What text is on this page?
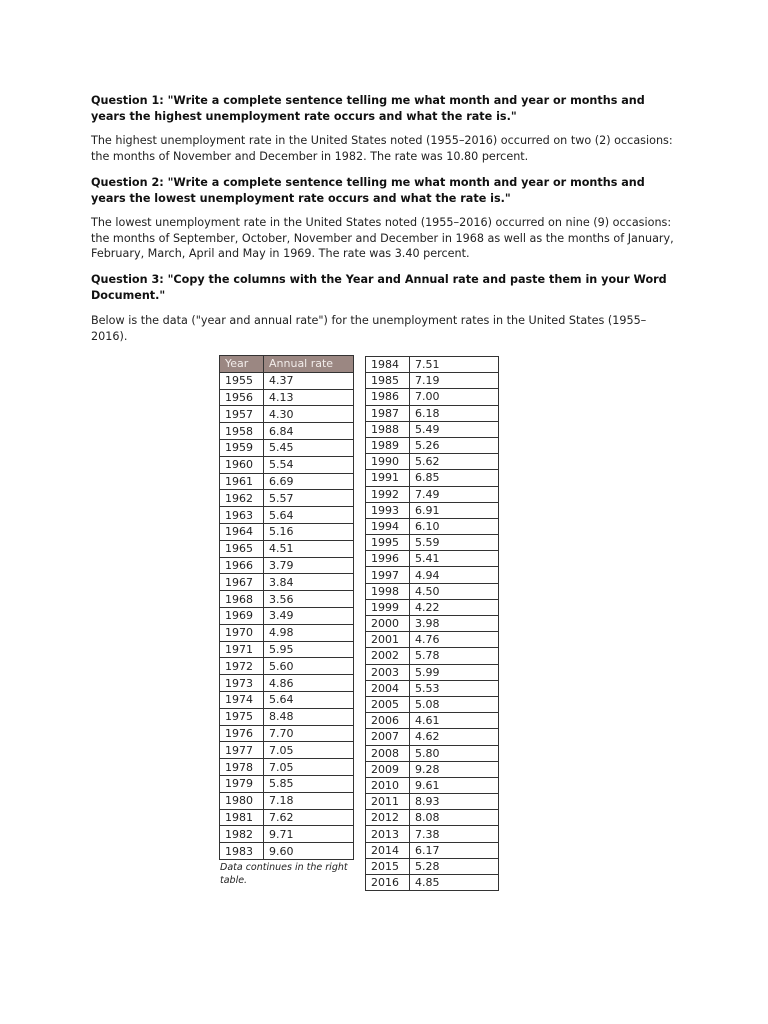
Question 1: "Write a complete sentence telling me what month and year or months and years the highest unemployment rate occurs and what the rate is."
The highest unemployment rate in the United States noted (1955–2016) occurred on two (2) occasions: the months of November and December in 1982. The rate was 10.80 percent.
Question 2: "Write a complete sentence telling me what month and year or months and years the lowest unemployment rate occurs and what the rate is."
The lowest unemployment rate in the United States noted (1955–2016) occurred on nine (9) occasions: the months of September, October, November and December in 1968 as well as the months of January, February, March, April and May in 1969. The rate was 3.40 percent.
Question 3: "Copy the columns with the Year and Annual rate and paste them in your Word Document."
Below is the data ("year and annual rate") for the unemployment rates in the United States (1955–2016).
Year	Annual rate
1955	4.37
1956	4.13
1957	4.30
1958	6.84
1959	5.45
1960	5.54
1961	6.69
1962	5.57
1963	5.64
1964	5.16
1965	4.51
1966	3.79
1967	3.84
1968	3.56
1969	3.49
1970	4.98
1971	5.95
1972	5.60
1973	4.86
1974	5.64
1975	8.48
1976	7.70
1977	7.05
1978	7.05
1979	5.85
1980	7.18
1981	7.62
1982	9.71
1983	9.60
Data continues in the right table.
1984	7.51
1985	7.19
1986	7.00
1987	6.18
1988	5.49
1989	5.26
1990	5.62
1991	6.85
1992	7.49
1993	6.91
1994	6.10
1995	5.59
1996	5.41
1997	4.94
1998	4.50
1999	4.22
2000	3.98
2001	4.76
2002	5.78
2003	5.99
2004	5.53
2005	5.08
2006	4.61
2007	4.62
2008	5.80
2009	9.28
2010	9.61
2011	8.93
2012	8.08
2013	7.38
2014	6.17
2015	5.28
2016	4.85
